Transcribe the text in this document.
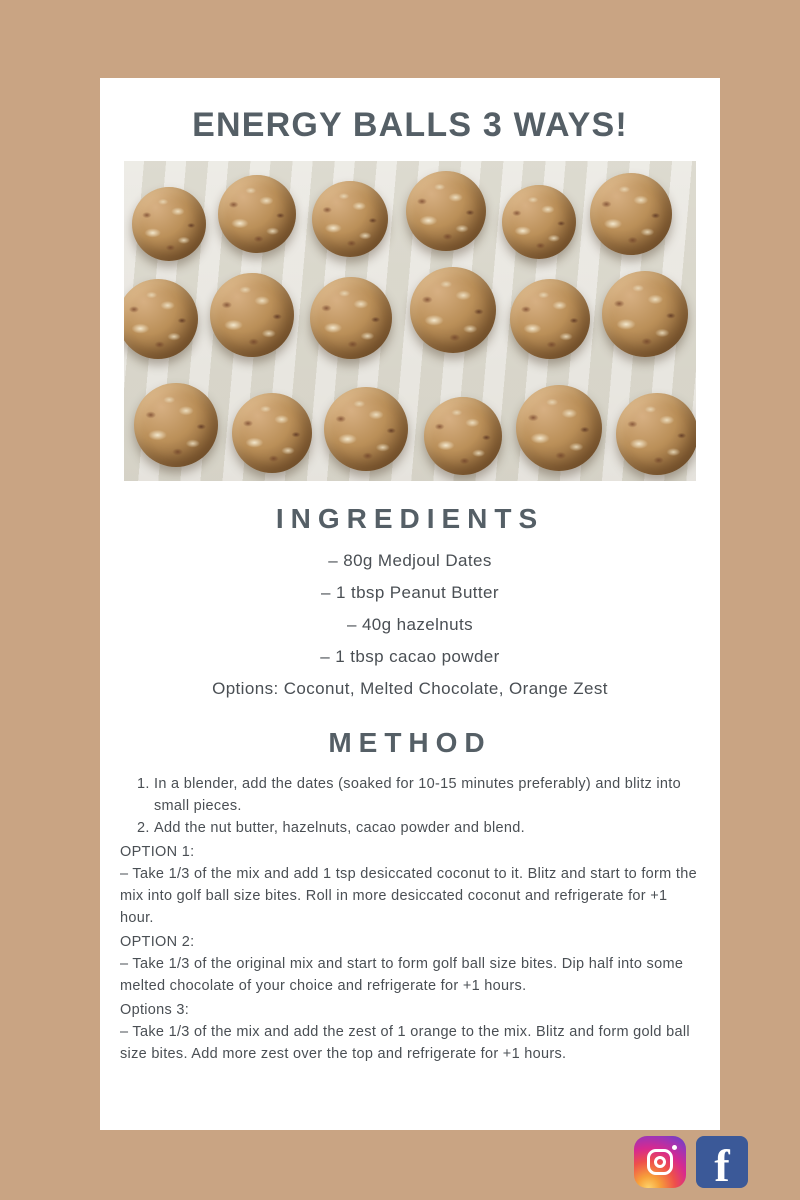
ENERGY BALLS 3 WAYS!
INGREDIENTS
– 80g Medjoul Dates
– 1 tbsp Peanut Butter
– 40g hazelnuts
– 1 tbsp cacao powder
Options: Coconut, Melted Chocolate, Orange Zest
METHOD
1. In a blender, add the dates (soaked for 10-15 minutes preferably) and blitz into small pieces.
2. Add the nut butter, hazelnuts, cacao powder and blend.

OPTION 1:

– Take 1/3 of the mix and add 1 tsp desiccated coconut to it. Blitz and start to form the mix into golf ball size bites. Roll in more desiccated coconut and refrigerate for +1 hour.

OPTION 2:

– Take 1/3 of the original mix and start to form golf ball size bites. Dip half into some melted chocolate of your choice and refrigerate for +1 hours.

Options 3:

– Take 1/3 of the mix and add the zest of 1 orange to the mix. Blitz and form gold ball size bites. Add more zest over the top and refrigerate for +1 hours.

f
